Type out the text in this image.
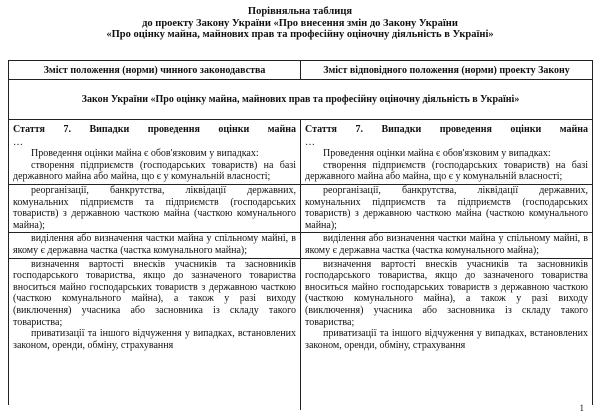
Порівняльна таблиця
до проекту Закону України «Про внесення змін до Закону України
«Про оцінку майна, майнових прав та професійну оціночну діяльність в Україні»
Зміст положення (норми) чинного законодавства	Зміст відповідного положення (норми) проекту Закону
Закон України «Про оцінку майна, майнових прав та професійну оціночну діяльність в Україні»
Стаття 7. Випадки проведення оцінки майна
…
Проведення оцінки майна є обов'язковим у випадках:
створення підприємств (господарських товариств) на базі державного майна або майна, що є у комунальній власності;
реорганізації, банкрутства, ліквідації державних, комунальних підприємств та підприємств (господарських товариств) з державною часткою майна (часткою комунального майна);
виділення або визначення частки майна у спільному майні, в якому є державна частка (частка комунального майна);
визначення вартості внесків учасників та засновників господарського товариства, якщо до зазначеного товариства вноситься майно господарських товариств з державною часткою (часткою комунального майна), а також у разі виходу (виключення) учасника або засновника із складу такого товариства;
приватизації та іншого відчуження у випадках, встановлених законом, оренди, обміну, страхування
Стаття 7. Випадки проведення оцінки майна
…
Проведення оцінки майна є обов'язковим у випадках:
створення підприємств (господарських товариств) на базі державного майна або майна, що є у комунальній власності;
реорганізації, банкрутства, ліквідації державних, комунальних підприємств та підприємств (господарських товариств) з державною часткою майна (часткою комунального майна);
виділення або визначення частки майна у спільному майні, в якому є державна частка (частка комунального майна);
визначення вартості внесків учасників та засновників господарського товариства, якщо до зазначеного товариства вноситься майно господарських товариств з державною часткою (часткою комунального майна), а також у разі виходу (виключення) учасника або засновника із складу такого товариства;
приватизації та іншого відчуження у випадках, встановлених законом, оренди, обміну, страхування
1
